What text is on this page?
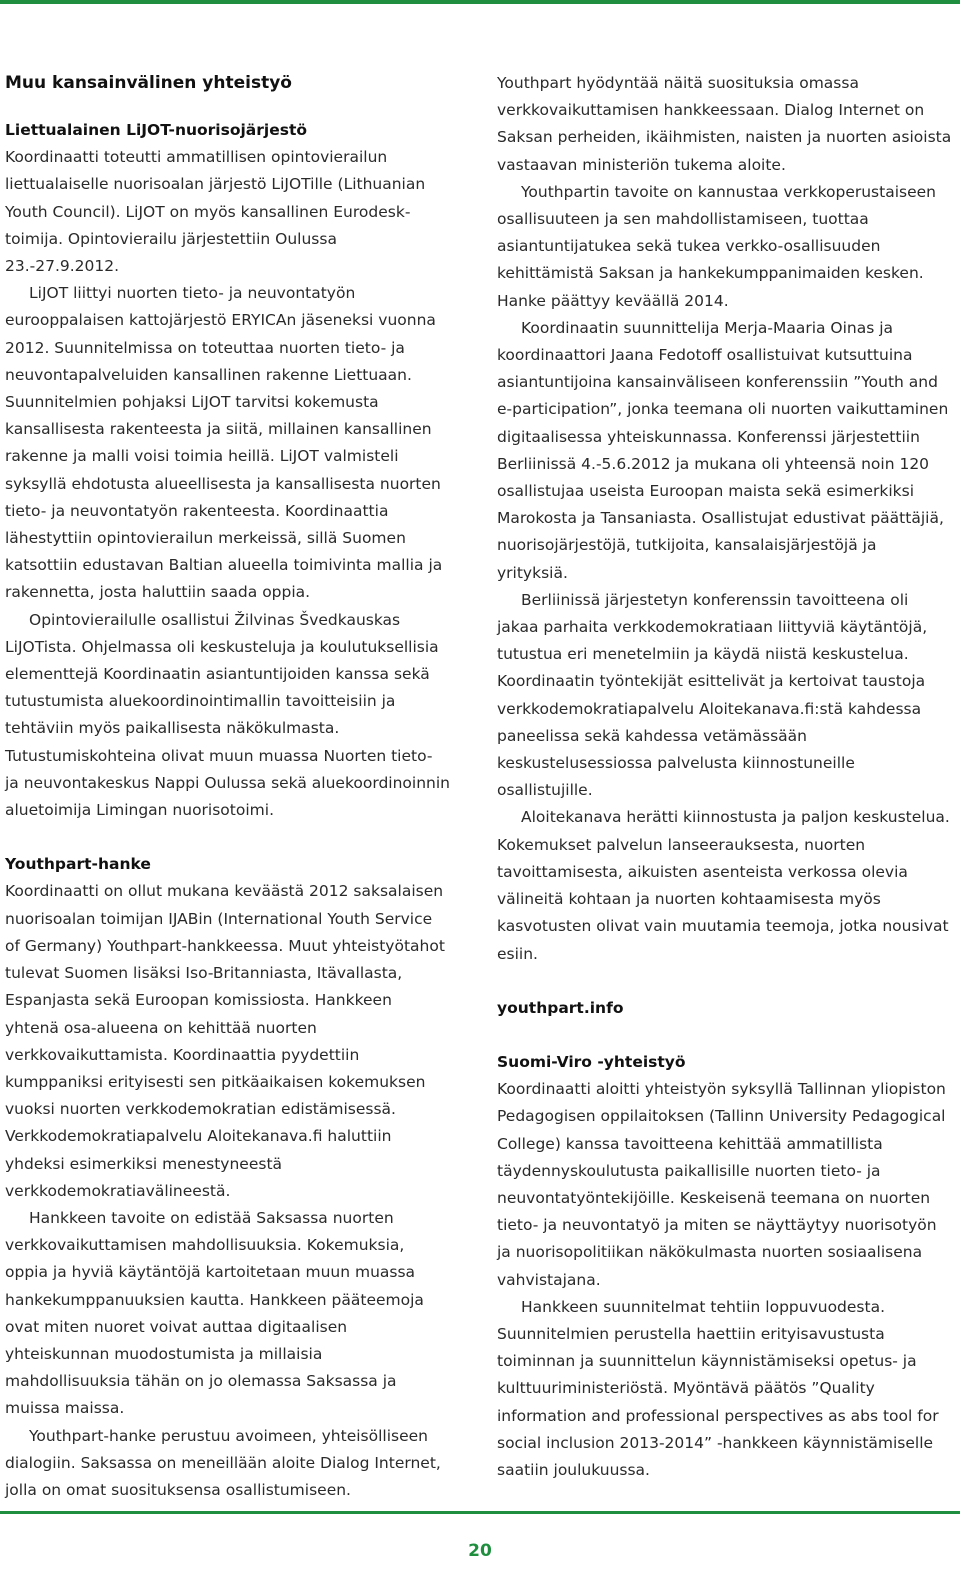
Muu kansainvälinen yhteistyö
Liettualainen LiJOT-nuorisojärjestö

Koordinaatti toteutti ammatillisen opintovierailun liettualaiselle nuorisoalan järjestö LiJOTille (Lithuanian Youth Council). LiJOT on myös kansallinen Eurodesk-toimija. Opintovierailu järjestettiin Oulussa 23.-27.9.2012.

LiJOT liittyi nuorten tieto- ja neuvontatyön eurooppalaisen kattojärjestö ERYICAn jäseneksi vuonna 2012. Suunnitelmissa on toteuttaa nuorten tieto- ja neuvontapalveluiden kansallinen rakenne Liettuaan. Suunnitelmien pohjaksi LiJOT tarvitsi kokemusta kansallisesta rakenteesta ja siitä, millainen kansallinen rakenne ja malli voisi toimia heillä. LiJOT valmisteli syksyllä ehdotusta alueellisesta ja kansallisesta nuorten tieto- ja neuvontatyön rakenteesta. Koordinaattia lähestyttiin opintovierailun merkeissä, sillä Suomen katsottiin edustavan Baltian alueella toimivinta mallia ja rakennetta, josta haluttiin saada oppia.

Opintovierailulle osallistui Žilvinas Švedkauskas LiJOTista. Ohjelmassa oli keskusteluja ja koulutuksellisia elementtejä Koordinaatin asiantuntijoiden kanssa sekä tutustumista aluekoordinointimallin tavoitteisiin ja tehtäviin myös paikallisesta näkökulmasta. Tutustumiskohteina olivat muun muassa Nuorten tieto- ja neuvontakeskus Nappi Oulussa sekä aluekoordinoinnin aluetoimija Limingan nuorisotoimi.

Youthpart-hanke

Koordinaatti on ollut mukana keväästä 2012 saksalaisen nuorisoalan toimijan IJABin (International Youth Service of Germany) Youthpart-hankkeessa. Muut yhteistyötahot tulevat Suomen lisäksi Iso-Britanniasta, Itävallasta, Espanjasta sekä Euroopan komissiosta. Hankkeen yhtenä osa-alueena on kehittää nuorten verkkovaikuttamista. Koordinaattia pyydettiin kumppaniksi erityisesti sen pitkäaikaisen kokemuksen vuoksi nuorten verkkodemokratian edistämisessä. Verkkodemokratiapalvelu Aloitekanava.fi haluttiin yhdeksi esimerkiksi menestyneestä verkkodemokratiavälineestä.

Hankkeen tavoite on edistää Saksassa nuorten verkkovaikuttamisen mahdollisuuksia. Kokemuksia, oppia ja hyviä käytäntöjä kartoitetaan muun muassa hankekumppanuuksien kautta. Hankkeen pääteemoja ovat miten nuoret voivat auttaa digitaalisen yhteiskunnan muodostumista ja millaisia mahdollisuuksia tähän on jo olemassa Saksassa ja muissa maissa.

Youthpart-hanke perustuu avoimeen, yhteisölliseen dialogiin. Saksassa on meneillään aloite Dialog Internet, jolla on omat suosituksensa osallistumiseen.

Youthpart hyödyntää näitä suosituksia omassa verkkovaikuttamisen hankkeessaan. Dialog Internet on Saksan perheiden, ikäihmisten, naisten ja nuorten asioista vastaavan ministeriön tukema aloite.

Youthpartin tavoite on kannustaa verkkoperustaiseen osallisuuteen ja sen mahdollistamiseen, tuottaa asiantuntijatukea sekä tukea verkko-osallisuuden kehittämistä Saksan ja hankekumppanimaiden kesken. Hanke päättyy keväällä 2014.

Koordinaatin suunnittelija Merja-Maaria Oinas ja koordinaattori Jaana Fedotoff osallistuivat kutsuttuina asiantuntijoina kansainväliseen konferenssiin ”Youth and e-participation”, jonka teemana oli nuorten vaikuttaminen digitaalisessa yhteiskunnassa. Konferenssi järjestettiin Berliinissä 4.-5.6.2012 ja mukana oli yhteensä noin 120 osallistujaa useista Euroopan maista sekä esimerkiksi Marokosta ja Tansaniasta. Osallistujat edustivat päättäjiä, nuorisojärjestöjä, tutkijoita, kansalaisjärjestöjä ja yrityksiä.

Berliinissä järjestetyn konferenssin tavoitteena oli jakaa parhaita verkkodemokratiaan liittyviä käytäntöjä, tutustua eri menetelmiin ja käydä niistä keskustelua. Koordinaatin työntekijät esittelivät ja kertoivat taustoja verkkodemokratiapalvelu Aloitekanava.fi:stä kahdessa paneelissa sekä kahdessa vetämässään keskustelusessiossa palvelusta kiinnostuneille osallistujille.

Aloitekanava herätti kiinnostusta ja paljon keskustelua. Kokemukset palvelun lanseerauksesta, nuorten tavoittamisesta, aikuisten asenteista verkossa olevia välineitä kohtaan ja nuorten kohtaamisesta myös kasvotusten olivat vain muutamia teemoja, jotka nousivat esiin.

youthpart.info
Suomi-Viro -yhteistyö

Koordinaatti aloitti yhteistyön syksyllä Tallinnan yliopiston Pedagogisen oppilaitoksen (Tallinn University Pedagogical College) kanssa tavoitteena kehittää ammatillista täydennyskoulutusta paikallisille nuorten tieto- ja neuvontatyöntekijöille. Keskeisenä teemana on nuorten tieto- ja neuvontatyö ja miten se näyttäytyy nuorisotyön ja nuorisopolitiikan näkökulmasta nuorten sosiaalisena vahvistajana.

Hankkeen suunnitelmat tehtiin loppuvuodesta. Suunnitelmien perustella haettiin erityisavustusta toiminnan ja suunnittelun käynnistämiseksi opetus- ja kulttuuriministeriöstä. Myöntävä päätös ”Quality information and professional perspectives as abs tool for social inclusion 2013-2014” -hankkeen käynnistämiselle saatiin joulukuussa.

20
